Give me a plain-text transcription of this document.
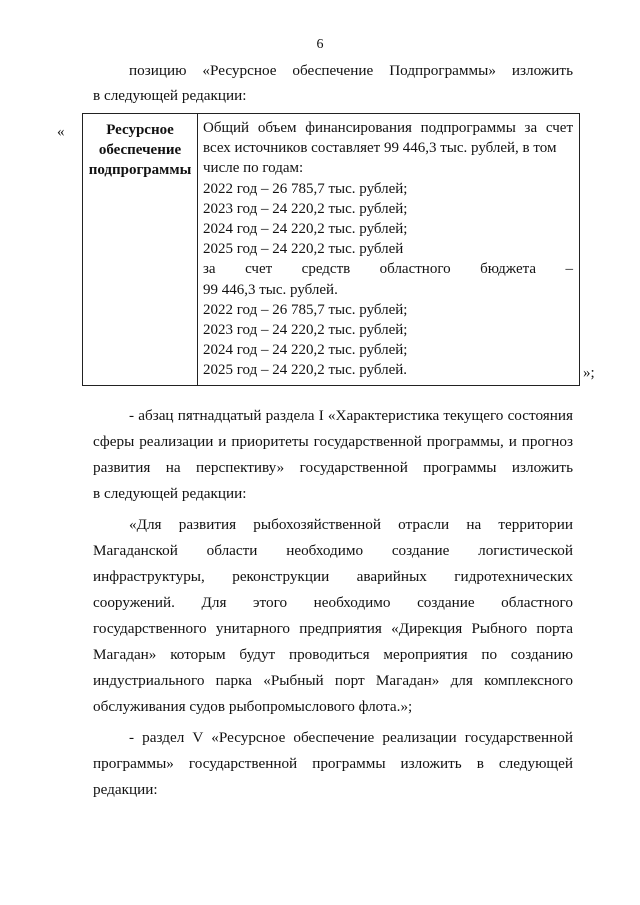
6
позицию «Ресурсное обеспечение Подпрограммы» изложить
в следующей редакции:
«	Ресурсное
обеспечение
подпрограммы

Общий объем финансирования подпрограммы за счет
всех источников составляет 99 446,3 тыс. рублей, в том
числе по годам:
2022 год – 26 785,7 тыс. рублей;
2023 год – 24 220,2 тыс. рублей;
2024 год – 24 220,2 тыс. рублей;
2025 год – 24 220,2 тыс. рублей
за счет средств областного бюджета –
99 446,3 тыс. рублей.
2022 год – 26 785,7 тыс. рублей;
2023 год – 24 220,2 тыс. рублей;
2024 год – 24 220,2 тыс. рублей;
2025 год – 24 220,2 тыс. рублей.	»;
- абзац пятнадцатый раздела I «Характеристика текущего состояния
сферы реализации и приоритеты государственной программы, и прогноз
развития на перспективу» государственной программы изложить
в следующей редакции:
«Для развития рыбохозяйственной отрасли на территории
Магаданской области необходимо создание логистической
инфраструктуры, реконструкции аварийных гидротехнических
сооружений. Для этого необходимо создание областного
государственного унитарного предприятия «Дирекция Рыбного порта
Магадан» которым будут проводиться мероприятия по созданию
индустриального парка «Рыбный порт Магадан» для комплексного
обслуживания судов рыбопромыслового флота.»;
- раздел V «Ресурсное обеспечение реализации государственной
программы» государственной программы изложить в следующей
редакции:
